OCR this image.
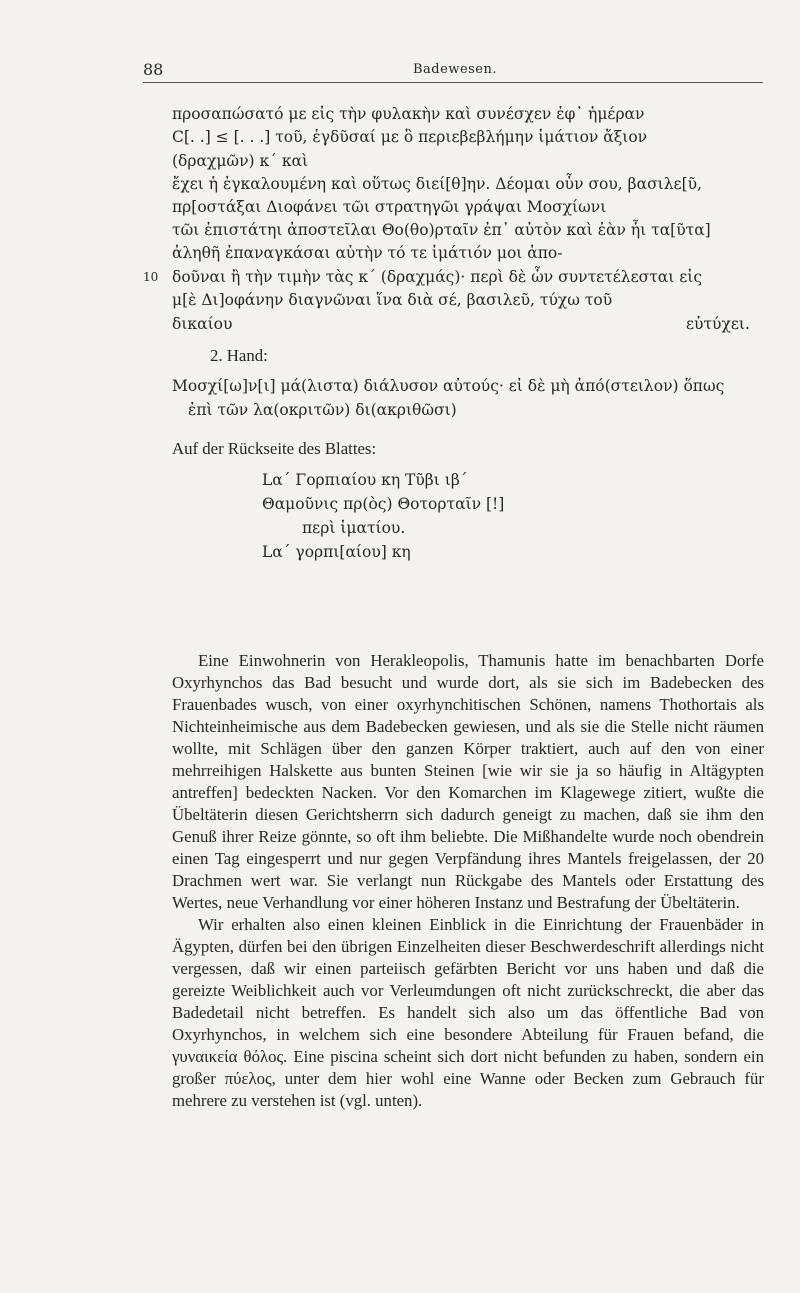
88	Badewesen.
προσαπώσατό με εἰς τὴν φυλακὴν καὶ συνέσχεν ἐφ᾽ ἡμέραν
C[. .] ≤ [. . .] τοῦ, ἐγδῦσαί με ὃ περιεβεβλήμην ἱμάτιον ἄξιον
(δραχμῶν) κ´ καὶ
ἔχει ἡ ἐγκαλουμένη καὶ οὕτως διεί[θ]ην. Δέομαι οὖν σου, βασιλε[ῦ,
πρ[οστάξαι Διοφάνει τῶι στρατηγῶι γράψαι Μοσχίωνι
τῶι ἐπιστάτηι ἀποστεῖλαι Θο(θο)ρταῖν ἐπ᾽ αὐτὸν καὶ ἐὰν ἧι τα[ῦτα]
ἀληθῆ ἐπαναγκάσαι αὐτὴν τό τε ἱμάτιόν μοι ἀπο-
10 δοῦναι ἢ τὴν τιμὴν τὰς κ´ (δραχμάς)· περὶ δὲ ὧν συντετέλεσται εἰς
μ[ὲ Δι]οφάνην διαγνῶναι ἵνα διὰ σέ, βασιλεῦ, τύχω τοῦ
δικαίου	εὐτύχει.
2. Hand:
Μοσχί[ω]ν[ι] μά(λιστα) διάλυσον αὐτούς· εἰ δὲ μὴ ἀπό(στειλον) ὅπως
ἐπὶ τῶν λα(οκριτῶν) δι(ακριθῶσι)
Auf der Rückseite des Blattes:
Lα´ Γορπιαίου κη Τῦβι ιβ´
Θαμοῦνις πρ(ὸς) Θοτορταῖν [!]
περὶ ἱματίου.
Lα´ γορπι[αίου] κη

Eine Einwohnerin von Herakleopolis, Thamunis hatte im benachbarten Dorfe Oxyrhynchos das Bad besucht und wurde dort, als sie sich im Badebecken des Frauenbades wusch, von einer oxyrhynchitischen Schönen, namens Thothortais als Nichteinheimische aus dem Badebecken gewiesen, und als sie die Stelle nicht räumen wollte, mit Schlägen über den ganzen Körper traktiert, auch auf den von einer mehrreihigen Halskette aus bunten Steinen [wie wir sie ja so häufig in Altägypten antreffen] bedeckten Nacken. Vor den Komarchen im Klagewege zitiert, wußte die Übeltäterin diesen Gerichtsherrn sich dadurch geneigt zu machen, daß sie ihm den Genuß ihrer Reize gönnte, so oft ihm beliebte. Die Mißhandelte wurde noch obendrein einen Tag eingesperrt und nur gegen Verpfändung ihres Mantels freigelassen, der 20 Drachmen wert war. Sie verlangt nun Rückgabe des Mantels oder Erstattung des Wertes, neue Verhandlung vor einer höheren Instanz und Bestrafung der Übeltäterin.

Wir erhalten also einen kleinen Einblick in die Einrichtung der Frauenbäder in Ägypten, dürfen bei den übrigen Einzelheiten dieser Beschwerdeschrift allerdings nicht vergessen, daß wir einen parteiisch gefärbten Bericht vor uns haben und daß die gereizte Weiblichkeit auch vor Verleumdungen oft nicht zurückschreckt, die aber das Badedetail nicht betreffen. Es handelt sich also um das öffentliche Bad von Oxyrhynchos, in welchem sich eine besondere Abteilung für Frauen befand, die γυναικεία θόλος. Eine piscina scheint sich dort nicht befunden zu haben, sondern ein großer πύελος, unter dem hier wohl eine Wanne oder Becken zum Gebrauch für mehrere zu verstehen ist (vgl. unten).
